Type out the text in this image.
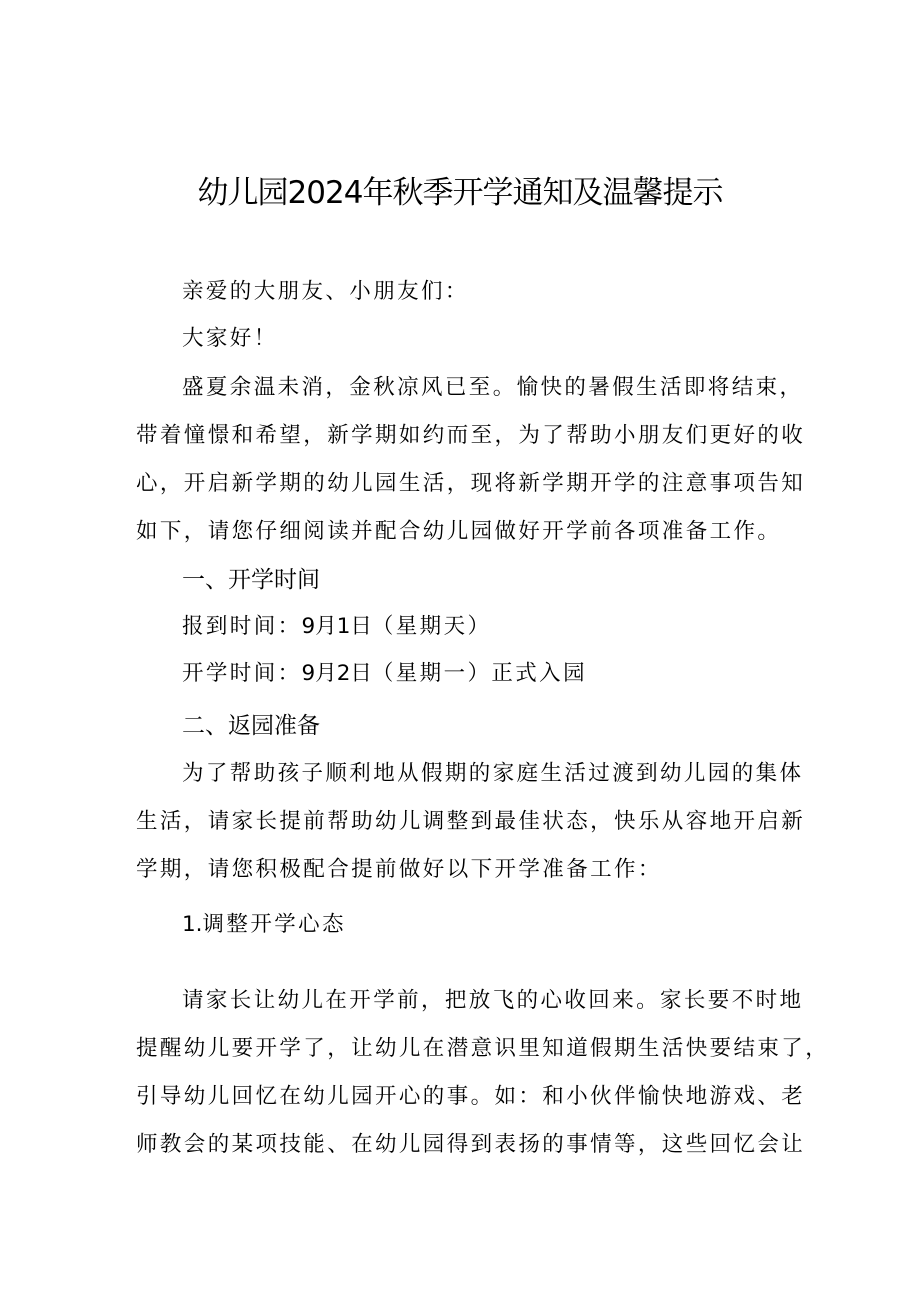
幼儿园2024年秋季开学通知及温馨提示
亲爱的大朋友、小朋友们：
大家好！
盛夏余温未消，金秋凉风已至。愉快的暑假生活即将结束，
带着憧憬和希望，新学期如约而至，为了帮助小朋友们更好的收
心，开启新学期的幼儿园生活，现将新学期开学的注意事项告知
如下，请您仔细阅读并配合幼儿园做好开学前各项准备工作。
一、开学时间
报到时间：9月1日（星期天）
开学时间：9月2日（星期一）正式入园
二、返园准备
为了帮助孩子顺利地从假期的家庭生活过渡到幼儿园的集体
生活，请家长提前帮助幼儿调整到最佳状态，快乐从容地开启新
学期，请您积极配合提前做好以下开学准备工作：
1.调整开学心态
请家长让幼儿在开学前，把放飞的心收回来。家长要不时地
提醒幼儿要开学了，让幼儿在潜意识里知道假期生活快要结束了，
引导幼儿回忆在幼儿园开心的事。如：和小伙伴愉快地游戏、老
师教会的某项技能、在幼儿园得到表扬的事情等，这些回忆会让
